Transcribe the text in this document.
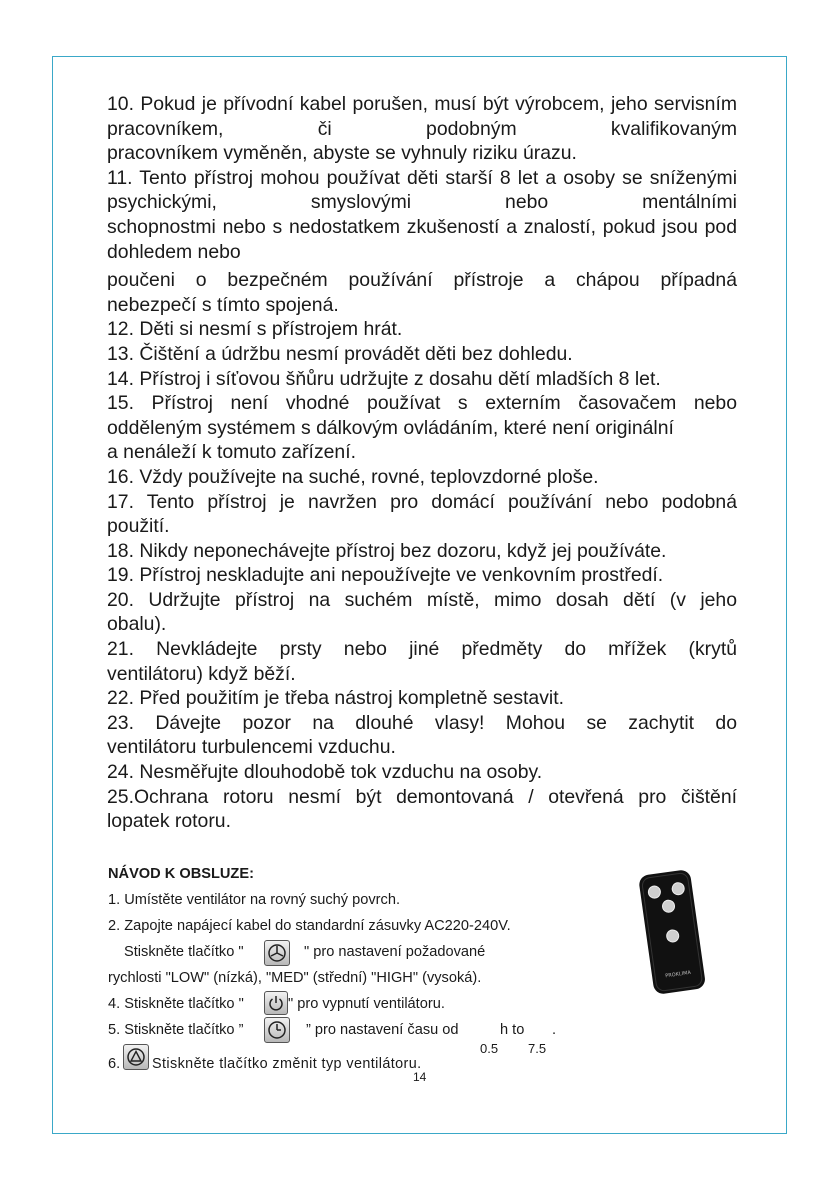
10. Pokud je přívodní kabel porušen, musí být výrobcem, jeho servisním pracovníkem, či podobným kvalifikovaným
pracovníkem vyměněn, abyste se vyhnuly riziku úrazu.

11. Tento přístroj mohou používat děti starší 8 let a osoby se sníženými psychickými, smyslovými nebo mentálními
schopnostmi nebo s nedostatkem zkušeností a znalostí, pokud jsou pod dohledem nebo

poučeni o bezpečném používání přístroje a chápou případná
nebezpečí s tímto spojená.

12. Děti si nesmí s přístrojem hrát.

13. Čištění a údržbu nesmí provádět děti bez dohledu.

14. Přístroj i síťovou šňůru udržujte z dosahu dětí mladších 8 let.

15. Přístroj není vhodné používat s externím časovačem nebo odděleným systémem s dálkovým ovládáním, které není originální
a nenáleží k tomuto zařízení.

16. Vždy používejte na suché, rovné, teplovzdorné ploše.

17. Tento přístroj je navržen pro domácí používání nebo podobná
použití.

18. Nikdy neponechávejte přístroj bez dozoru, když jej používáte.

19. Přístroj neskladujte ani nepoužívejte ve venkovním prostředí.

20. Udržujte přístroj na suchém místě, mimo dosah dětí (v jeho
obalu).

21. Nevkládejte prsty nebo jiné předměty do mřížek (krytů
ventilátoru) když běží.

22. Před použitím je třeba nástroj kompletně sestavit.

23. Dávejte pozor na dlouhé vlasy! Mohou se zachytit do
ventilátoru turbulencemi vzduchu.

24. Nesměřujte dlouhodobě tok vzduchu na osoby.

25.Ochrana rotoru nesmí být demontovaná / otevřená pro čištění
lopatek rotoru.

NÁVOD K OBSLUZE:
1. Umístěte ventilátor na rovný suchý povrch.
2. Zapojte napájecí kabel do standardní zásuvky AC220-240V.
Stiskněte tlačítko "	" pro nastavení požadované
rychlosti "LOW" (nízká), "MED" (střední) "HIGH" (vysoká).
4. Stiskněte tlačítko "	" pro vypnutí ventilátoru.
5. Stiskněte tlačítko ”	” pro nastavení času od	h to .
0.5 7.5
6. Stiskněte tlačítko změnit typ ventilátoru.
14
PROKLIMA
